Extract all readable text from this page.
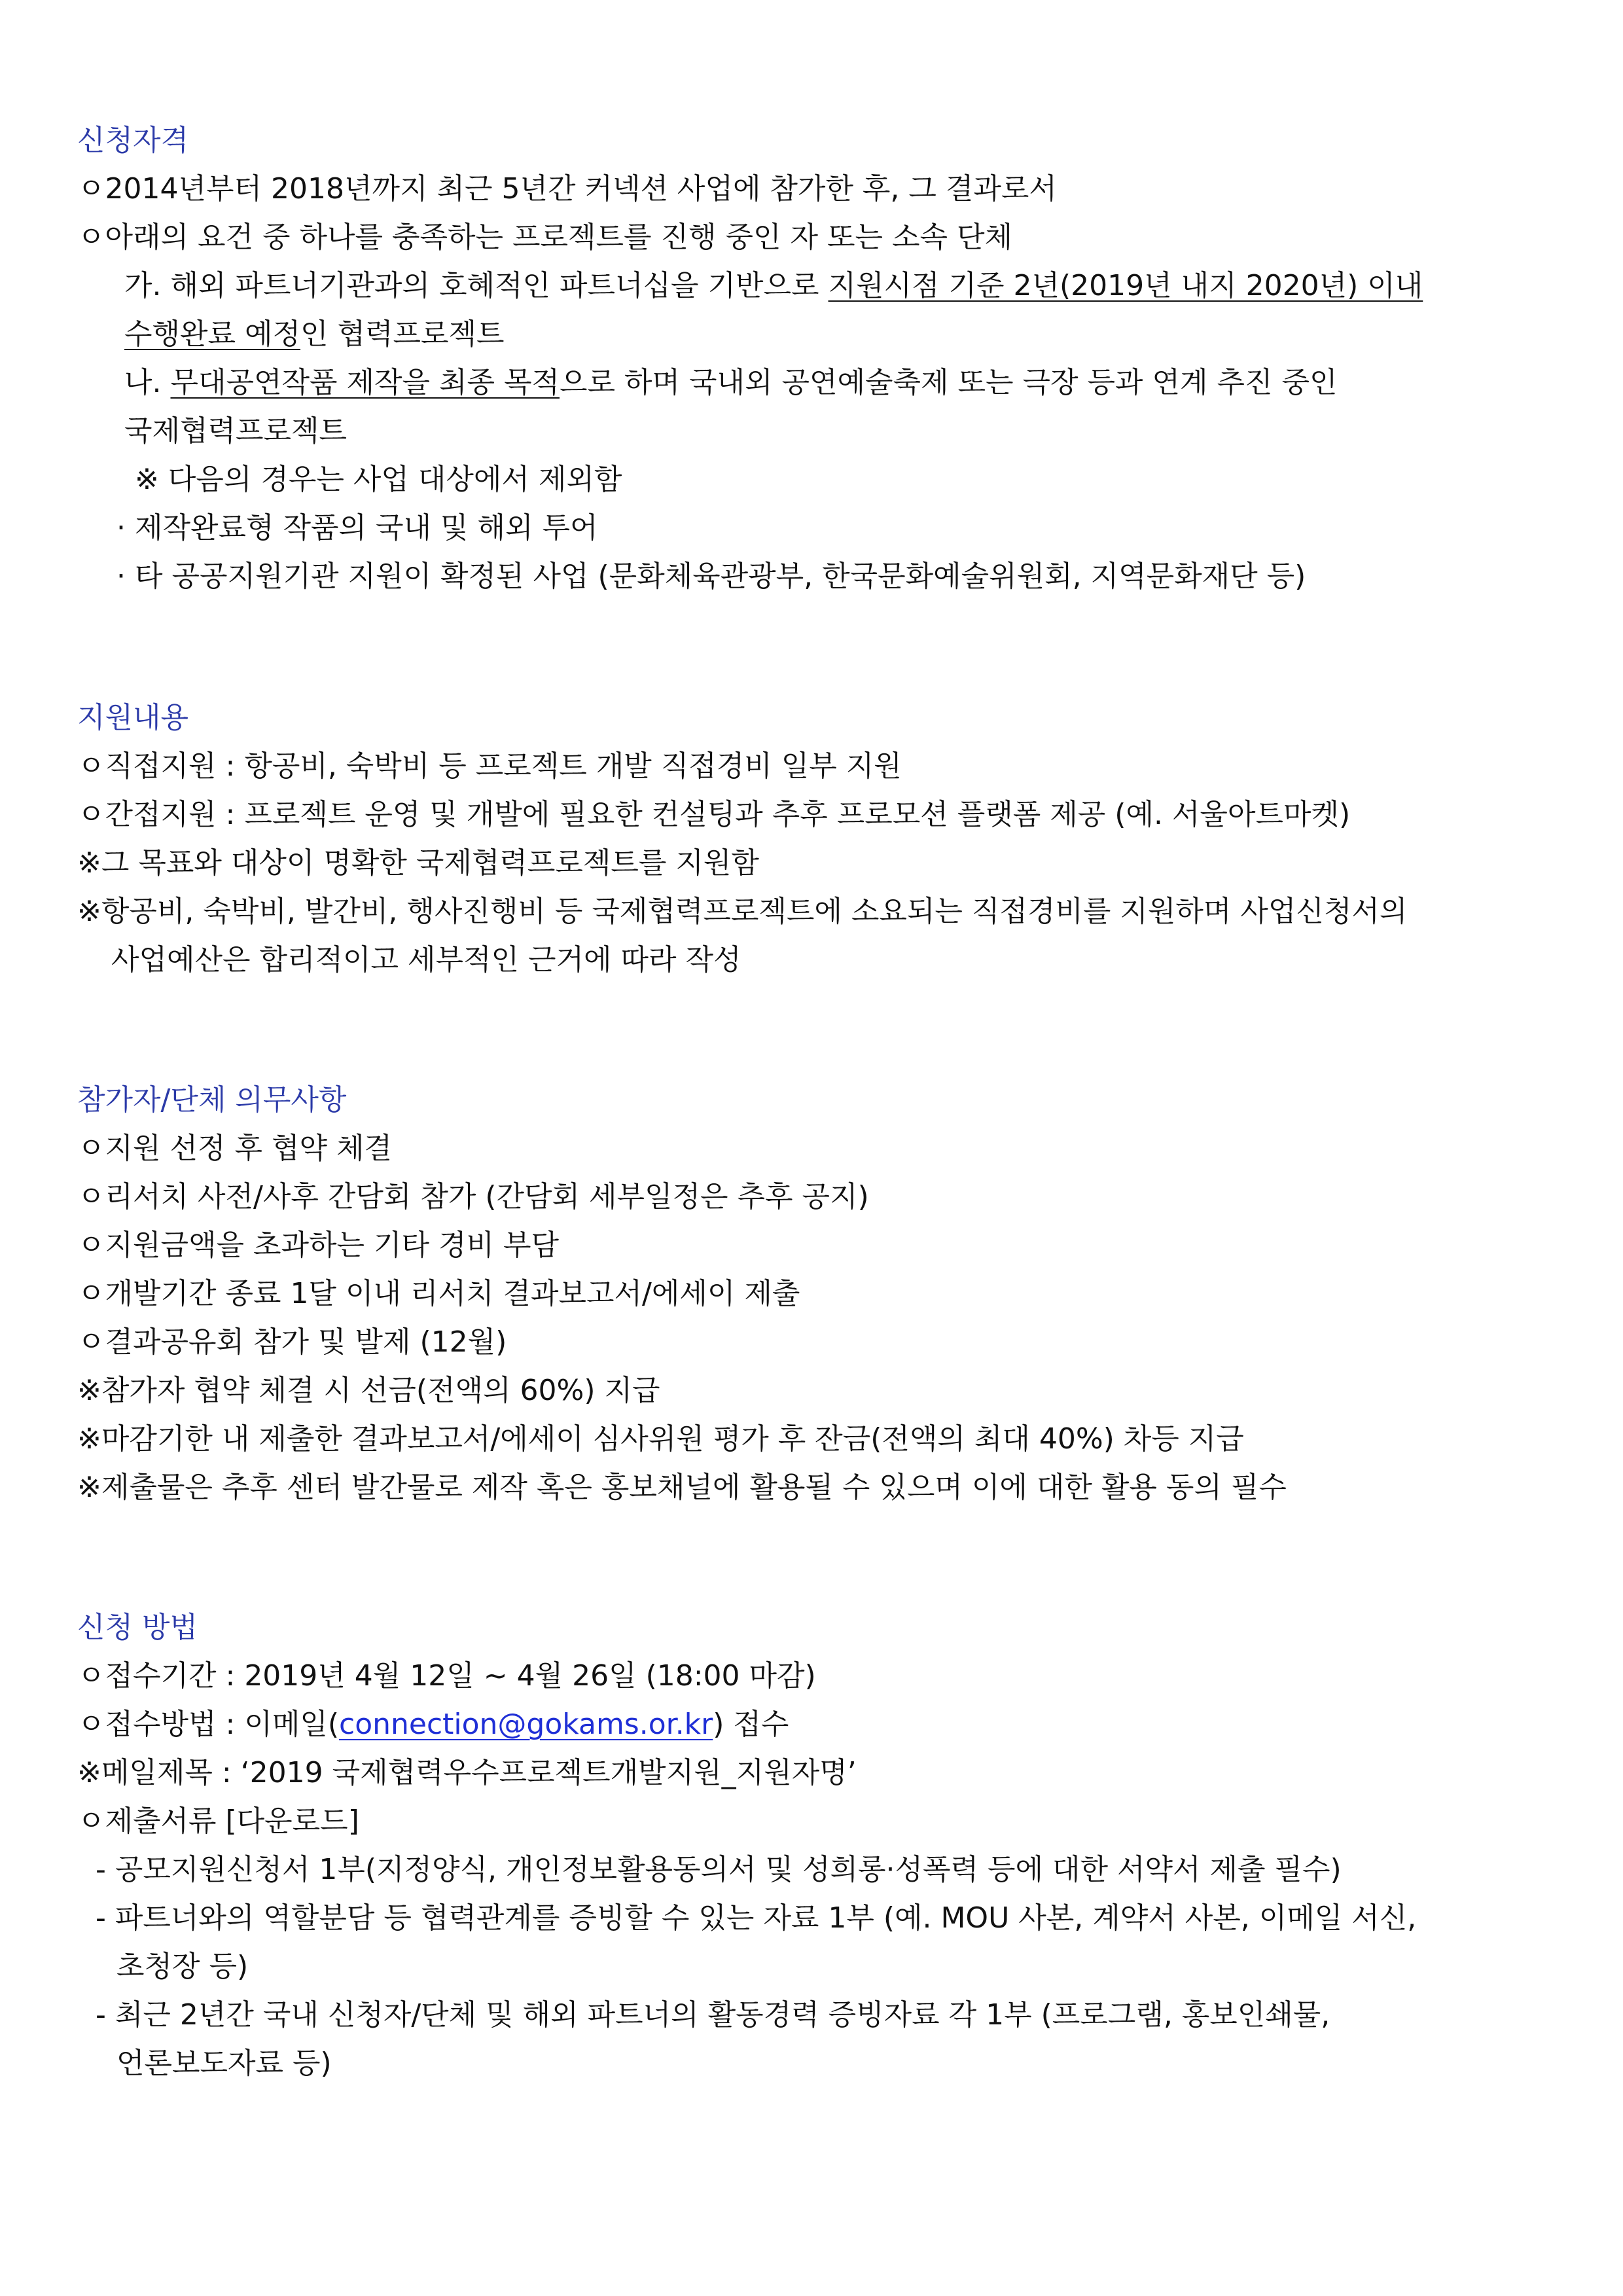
신청자격
ㅇ2014년부터 2018년까지 최근 5년간 커넥션 사업에 참가한 후, 그 결과로서
ㅇ아래의 요건 중 하나를 충족하는 프로젝트를 진행 중인 자 또는 소속 단체
가. 해외 파트너기관과의 호혜적인 파트너십을 기반으로 지원시점 기준 2년(2019년 내지 2020년) 이내
수행완료 예정인 협력프로젝트
나. 무대공연작품 제작을 최종 목적으로 하며 국내외 공연예술축제 또는 극장 등과 연계 추진 중인
국제협력프로젝트
※ 다음의 경우는 사업 대상에서 제외함
· 제작완료형 작품의 국내 및 해외 투어
· 타 공공지원기관 지원이 확정된 사업 (문화체육관광부, 한국문화예술위원회, 지역문화재단 등)
지원내용
ㅇ직접지원 : 항공비, 숙박비 등 프로젝트 개발 직접경비 일부 지원
ㅇ간접지원 : 프로젝트 운영 및 개발에 필요한 컨설팅과 추후 프로모션 플랫폼 제공 (예. 서울아트마켓)
※그 목표와 대상이 명확한 국제협력프로젝트를 지원함
※항공비, 숙박비, 발간비, 행사진행비 등 국제협력프로젝트에 소요되는 직접경비를 지원하며 사업신청서의
사업예산은 합리적이고 세부적인 근거에 따라 작성
참가자/단체 의무사항
ㅇ지원 선정 후 협약 체결
ㅇ리서치 사전/사후 간담회 참가 (간담회 세부일정은 추후 공지)
ㅇ지원금액을 초과하는 기타 경비 부담
ㅇ개발기간 종료 1달 이내 리서치 결과보고서/에세이 제출
ㅇ결과공유회 참가 및 발제 (12월)
※참가자 협약 체결 시 선금(전액의 60%) 지급
※마감기한 내 제출한 결과보고서/에세이 심사위원 평가 후 잔금(전액의 최대 40%) 차등 지급
※제출물은 추후 센터 발간물로 제작 혹은 홍보채널에 활용될 수 있으며 이에 대한 활용 동의 필수
신청 방법
ㅇ접수기간 : 2019년 4월 12일 ~ 4월 26일 (18:00 마감)
ㅇ접수방법 : 이메일(connection@gokams.or.kr) 접수
※메일제목 : ‘2019 국제협력우수프로젝트개발지원_지원자명’
ㅇ제출서류 [다운로드]
- 공모지원신청서 1부(지정양식, 개인정보활용동의서 및 성희롱·성폭력 등에 대한 서약서 제출 필수)
- 파트너와의 역할분담 등 협력관계를 증빙할 수 있는 자료 1부 (예. MOU 사본, 계약서 사본, 이메일 서신,
초청장 등)
- 최근 2년간 국내 신청자/단체 및 해외 파트너의 활동경력 증빙자료 각 1부 (프로그램, 홍보인쇄물,
언론보도자료 등)
